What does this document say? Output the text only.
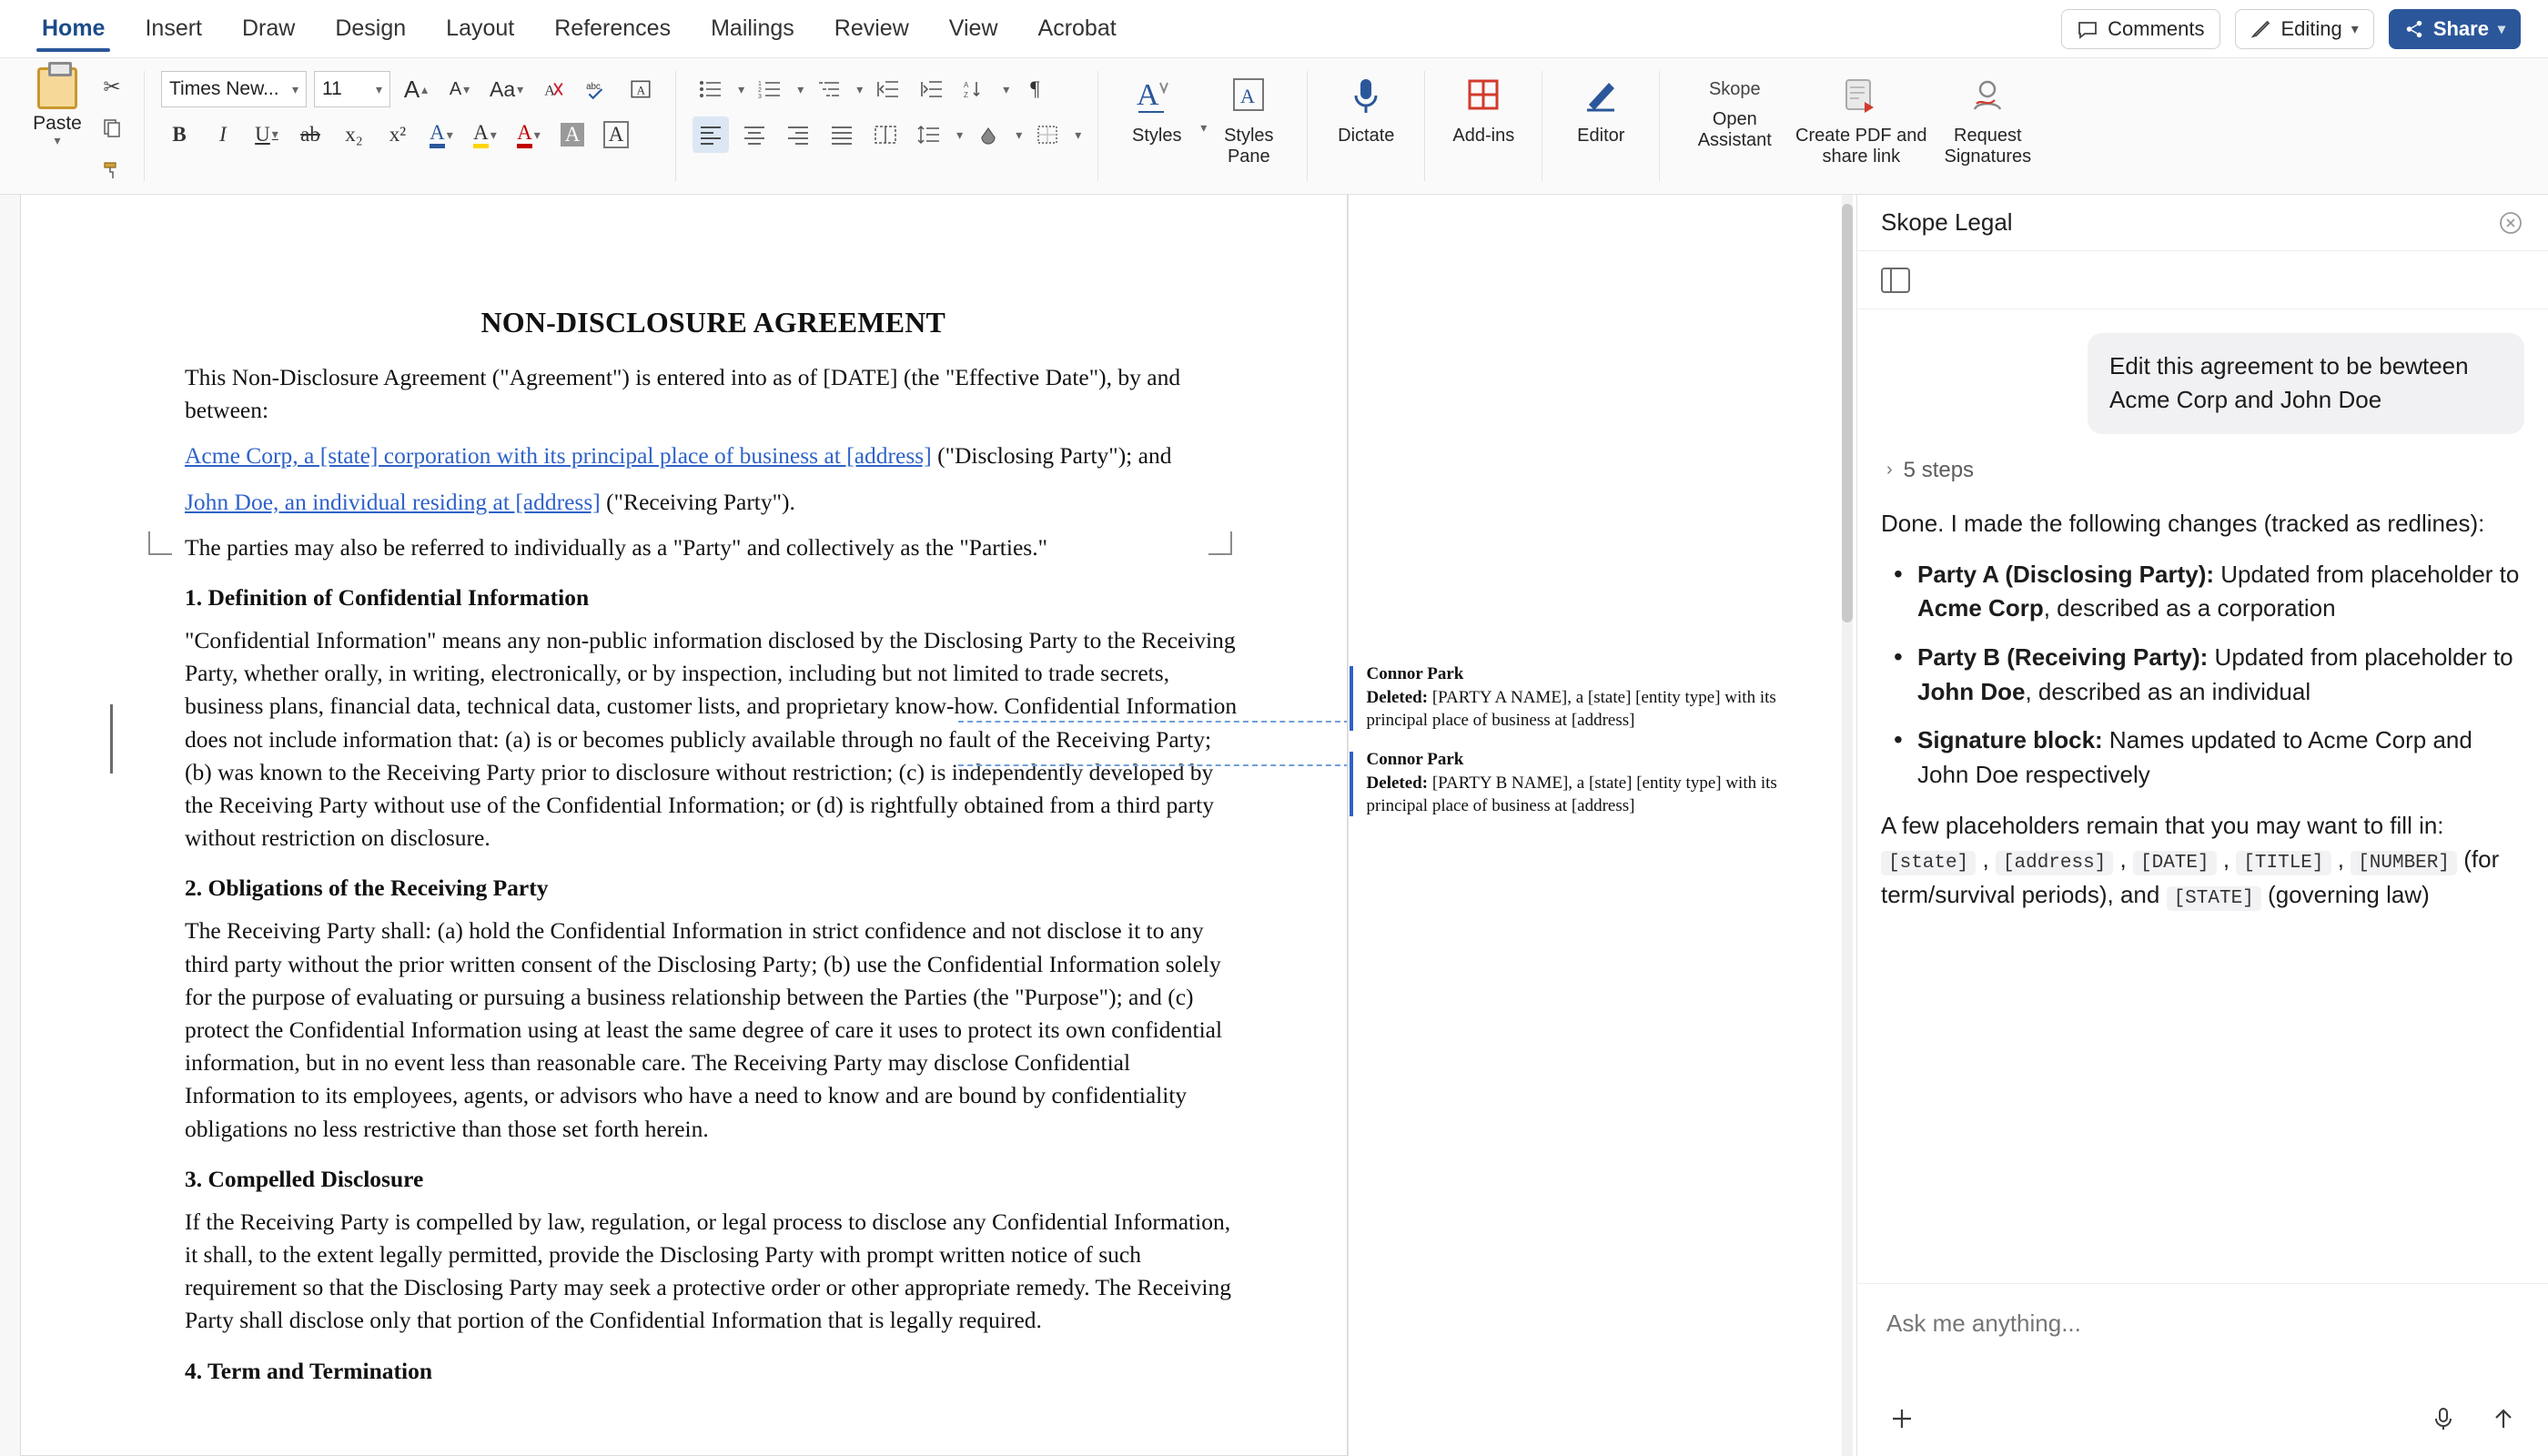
Home Insert Draw Design Layout References Mailings Review View Acrobat	Comments	Editing ▾	Share ▾
Paste
▾
✂	Times New... ▾ 11	▾ A ▴ A ▾ Aa ▾ A	abc	A
B I U ▾ ab x₂ x² A ▾ A ▾ A ▾ A A
▾ 1
2
3
▾	▾	A
Z	▾ ¶
▾	▾	▾
A
Styles ▾
A
Styles Pane
Dictate	Add-ins	Editor
Skope
Open Assistant	Create PDF and share link
Request Signatures
NON-DISCLOSURE AGREEMENT

This Non-Disclosure Agreement ("Agreement") is entered into as of [DATE] (the "Effective Date"), by and between:

Acme Corp, a [state] corporation with its principal place of business at [address] ("Disclosing Party"); and

John Doe, an individual residing at [address] ("Receiving Party").

The parties may also be referred to individually as a "Party" and collectively as the "Parties."

1. Definition of Confidential Information

"Confidential Information" means any non-public information disclosed by the Disclosing Party to the Receiving Party, whether orally, in writing, electronically, or by inspection, including but not limited to trade secrets, business plans, financial data, technical data, customer lists, and proprietary know-how. Confidential Information does not include information that: (a) is or becomes publicly available through no fault of the Receiving Party; (b) was known to the Receiving Party prior to disclosure without restriction; (c) is independently developed by the Receiving Party without use of the Confidential Information; or (d) is rightfully obtained from a third party without restriction on disclosure.

2. Obligations of the Receiving Party

The Receiving Party shall: (a) hold the Confidential Information in strict confidence and not disclose it to any third party without the prior written consent of the Disclosing Party; (b) use the Confidential Information solely for the purpose of evaluating or pursuing a business relationship between the Parties (the "Purpose"); and (c) protect the Confidential Information using at least the same degree of care it uses to protect its own confidential information, but in no event less than reasonable care. The Receiving Party may disclose Confidential Information to its employees, agents, or advisors who have a need to know and are bound by confidentiality obligations no less restrictive than those set forth herein.

3. Compelled Disclosure

If the Receiving Party is compelled by law, regulation, or legal process to disclose any Confidential Information, it shall, to the extent legally permitted, provide the Disclosing Party with prompt written notice of such requirement so that the Disclosing Party may seek a protective order or other appropriate remedy. The Receiving Party shall disclose only that portion of the Confidential Information that is legally required.

4. Term and Termination
Connor Park
Deleted: [PARTY A NAME], a [state] [entity type] with its principal place of business at [address]
Connor Park
Deleted: [PARTY B NAME], a [state] [entity type] with its principal place of business at [address]
Skope Legal
Edit this agreement to be bewteen Acme Corp and John Doe
› 5 steps
Done. I made the following changes (tracked as redlines):
• Party A (Disclosing Party): Updated from placeholder to Acme Corp, described as a corporation
• Party B (Receiving Party): Updated from placeholder to John Doe, described as an individual
• Signature block: Names updated to Acme Corp and John Doe respectively
A few placeholders remain that you may want to fill in: [state] , [address] , [DATE] , [TITLE] , [NUMBER] (for term/survival periods), and [STATE] (governing law)
Ask me anything...
